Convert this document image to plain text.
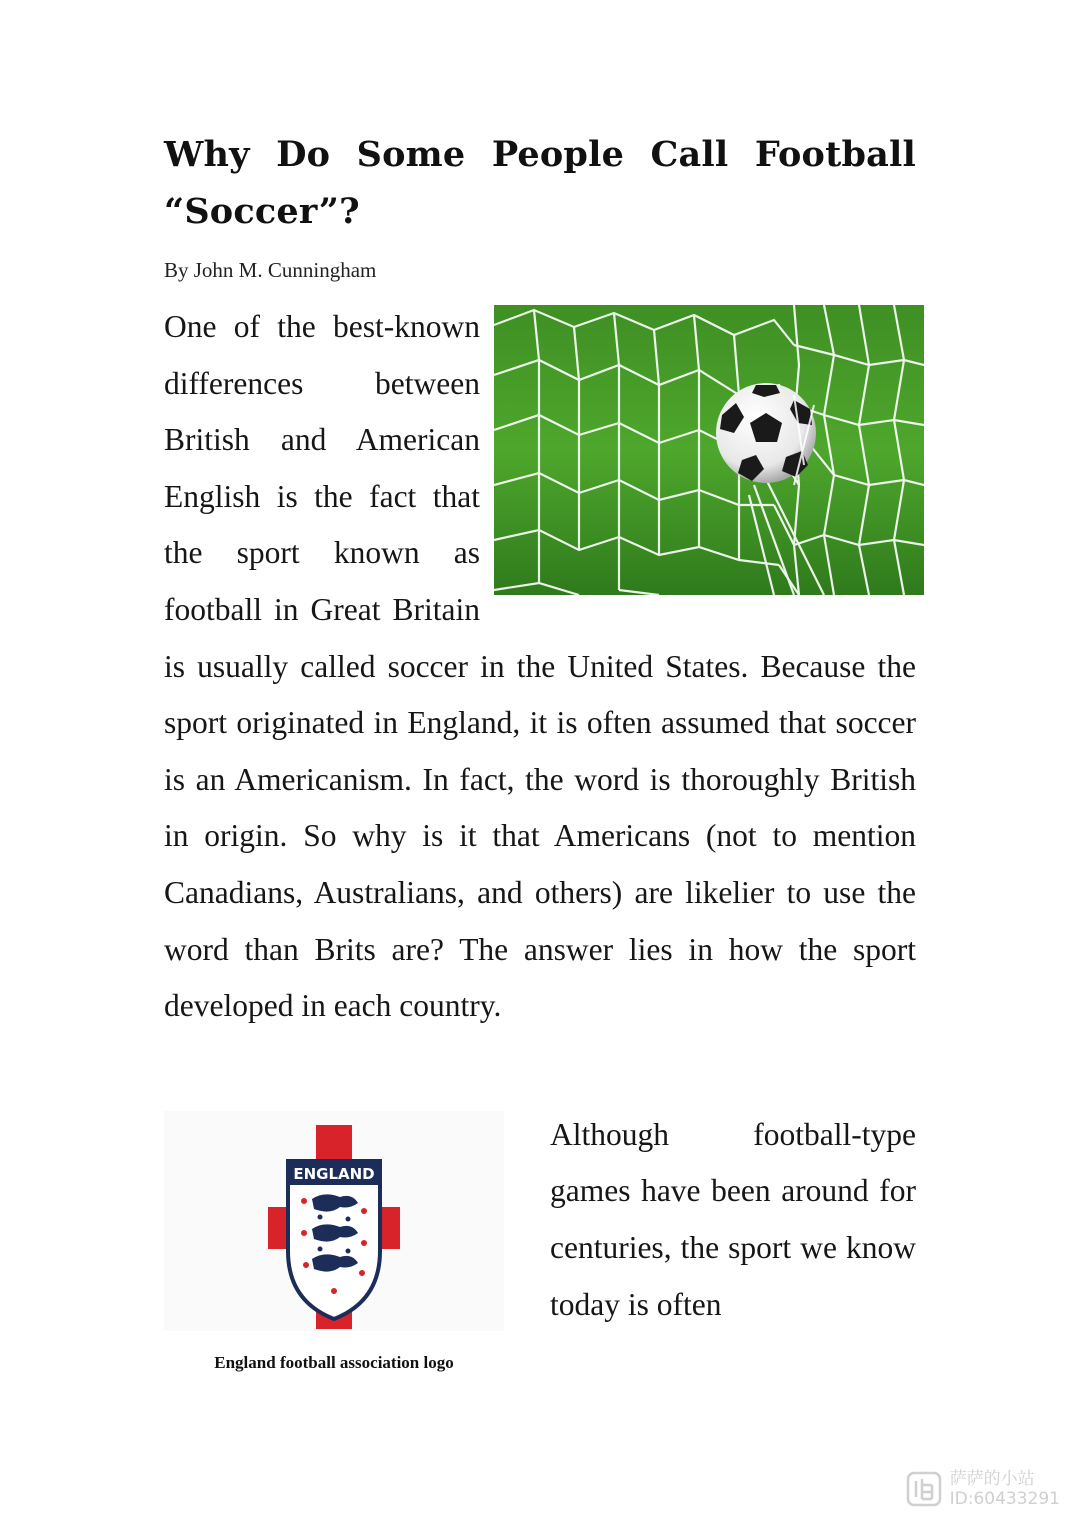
Why Do Some People Call Football “Soccer”?
By John M. Cunningham
One of the best-known differences between British and American English is the fact that the sport known as football in Great Britain is usually called soccer in the United States. Because the sport originated in England, it is often assumed that soccer is an Americanism. In fact, the word is thoroughly British in origin. So why is it that Americans (not to mention Canadians, Australians, and others) are likelier to use the word than Brits are? The answer lies in how the sport developed in each country.
ENGLAND
England football association logo
Although football-type games have been around for centuries, the sport we know today is often
萨萨的小站
ID:60433291
